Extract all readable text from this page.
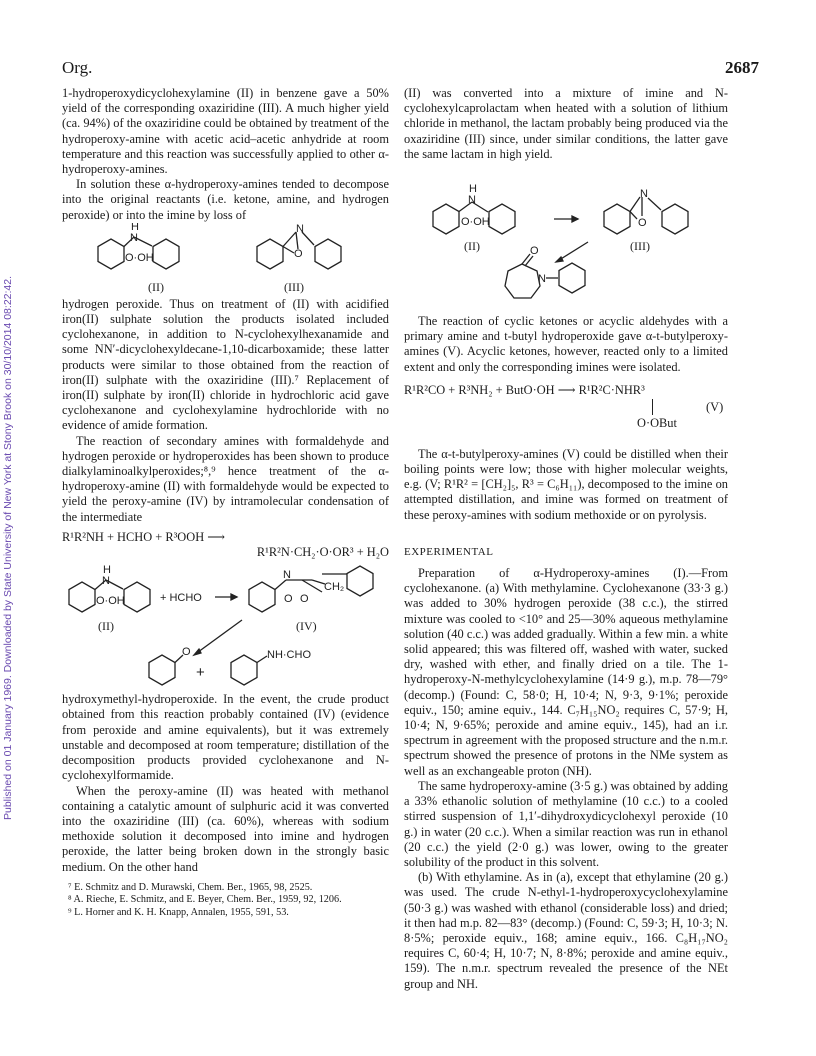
Org.	2687
Published on 01 January 1969. Downloaded by State University of New York at Stony Brook on 30/10/2014 08:22:42.

1-hydroperoxydicyclohexylamine (II) in benzene gave a 50% yield of the corresponding oxaziridine (III). A much higher yield (ca. 94%) of the oxaziridine could be obtained by treatment of the hydroperoxy-amine with acetic acid–acetic anhydride at room temperature and this reaction was successfully applied to other α-hydroperoxy-amines.

In solution these α-hydroperoxy-amines tended to decompose into the original reactants (i.e. ketone, amine, and hydrogen peroxide) or into the imine by loss of

H
N
O·OH
N
O
(II)	(III)

hydrogen peroxide. Thus on treatment of (II) with acidified iron(II) sulphate solution the products isolated included cyclohexanone, in addition to N-cyclohexylhexanamide and some NN′-dicyclohexyldecane-1,10-dicarboxamide; these latter products were similar to those obtained from the reaction of iron(II) sulphate with the oxaziridine (III).⁷ Replacement of iron(II) sulphate by iron(II) chloride in hydrochloric acid gave cyclohexanone and cyclohexylamine hydrochloride with no evidence of amide formation.

The reaction of secondary amines with formaldehyde and hydrogen peroxide or hydroperoxides has been shown to produce dialkylaminoalkylperoxides;⁸,⁹ hence treatment of the α-hydroperoxy-amine (II) with formaldehyde would be expected to yield the peroxy-amine (IV) by intramolecular condensation of the intermediate

R¹R²NH + HCHO + R³OOH ⟶

R¹R²N·CH₂·O·OR³ + H₂O

H
N
O·OH	+ HCHO
N
CH₂
O O
O
+
NH·CHO
(II)	(IV)

hydroxymethyl-hydroperoxide. In the event, the crude product obtained from this reaction probably contained (IV) (evidence from peroxide and amine equivalents), but it was extremely unstable and decomposed at room temperature; distillation of the decomposition products provided cyclohexanone and N-cyclohexylformamide.

When the peroxy-amine (II) was heated with methanol containing a catalytic amount of sulphuric acid it was converted into the oxaziridine (III) (ca. 60%), whereas with sodium methoxide solution it decomposed into imine and hydrogen peroxide, the latter being broken down in the strongly basic medium. On the other hand

⁷ E. Schmitz and D. Murawski, Chem. Ber., 1965, 98, 2525.

⁸ A. Rieche, E. Schmitz, and E. Beyer, Chem. Ber., 1959, 92, 1206.

⁹ L. Horner and K. H. Knapp, Annalen, 1955, 591, 53.

(II) was converted into a mixture of imine and N-cyclohexylcaprolactam when heated with a solution of lithium chloride in methanol, the lactam probably being produced via the oxaziridine (III) since, under similar conditions, the latter gave the same lactam in high yield.

H
N
O·OH
N
O
O
N
(II)	(III)

The reaction of cyclic ketones or acyclic aldehydes with a primary amine and t-butyl hydroperoxide gave α-t-butylperoxy-amines (V). Acyclic ketones, however, reacted only to a limited extent and only the corresponding imines were isolated.

R¹R²CO + R³NH₂ + ButO·OH ⟶ R¹R²C·NHR³
O·OBut
(V)

The α-t-butylperoxy-amines (V) could be distilled when their boiling points were low; those with higher molecular weights, e.g. (V; R¹R² = [CH₂]₅, R³ = C₆H₁₁), decomposed to the imine on attempted distillation, and imine was formed on treatment of these peroxy-amines with sodium methoxide or on pyrolysis.

EXPERIMENTAL

Preparation of α-Hydroperoxy-amines (I).—From cyclohexanone. (a) With methylamine. Cyclohexanone (33·3 g.) was added to 30% hydrogen peroxide (38 c.c.), the stirred mixture was cooled to <10° and 25—30% aqueous methylamine solution (40 c.c.) was added gradually. Within a few min. a white solid appeared; this was filtered off, washed with water, sucked dry, washed with ether, and finally dried on a tile. The 1-hydroperoxy-N-methylcyclohexylamine (14·9 g.), m.p. 78—79° (decomp.) (Found: C, 58·0; H, 10·4; N, 9·3, 9·1%; peroxide equiv., 150; amine equiv., 144. C₇H₁₅NO₂ requires C, 57·9; H, 10·4; N, 9·65%; peroxide and amine equiv., 145), had an i.r. spectrum in agreement with the proposed structure and the n.m.r. spectrum showed the presence of protons in the NMe system as well as an exchangeable proton (NH).

The same hydroperoxy-amine (3·5 g.) was obtained by adding a 33% ethanolic solution of methylamine (10 c.c.) to a cooled stirred suspension of 1,1′-dihydroxydicyclohexyl peroxide (10 g.) in water (20 c.c.). When a similar reaction was run in ethanol (20 c.c.) the yield (2·0 g.) was lower, owing to the greater solubility of the product in this solvent.

(b) With ethylamine. As in (a), except that ethylamine (20 g.) was used. The crude N-ethyl-1-hydroperoxycyclohexylamine (50·3 g.) was washed with ethanol (considerable loss) and dried; it then had m.p. 82—83° (decomp.) (Found: C, 59·3; H, 10·3; N. 8·5%; peroxide equiv., 168; amine equiv., 166. C₈H₁₇NO₂ requires C, 60·4; H, 10·7; N, 8·8%; peroxide and amine equiv., 159). The n.m.r. spectrum revealed the presence of the NEt group and NH.
